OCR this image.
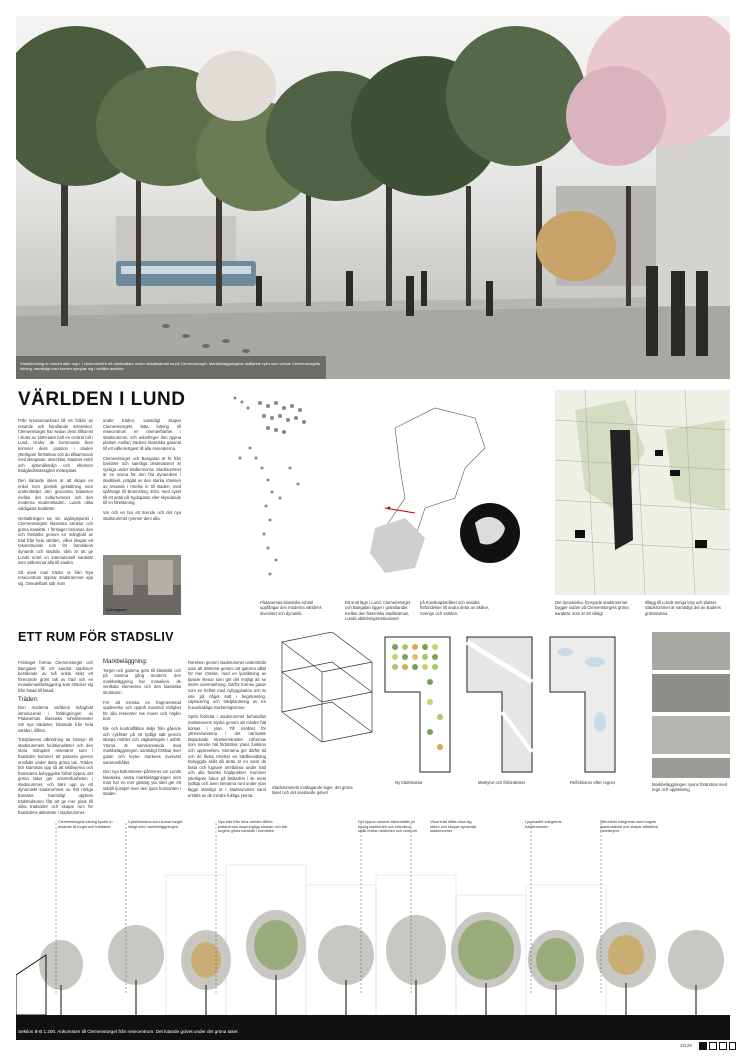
Stadslivmång en bracht aller regn. I vintersemten ett minimalism under skikaksatruerna på Clemenstorget. Markbelaggningens skiftande rytm som verkar Clemenstorgets lutning, samtidigt som kronen speglas sig i vattlika ansikter.
VÄRLDEN I LUND

Från kreaturmarknad till ett folkliv av resande och handlande människor. Clemenstorget har sedan dess tillkomst i slutet av 1800-talet haft en central roll i Lund. Under de kommande åren kommer dess position i staden ytterligare förstärkas och du tillsammans med Bangatan, utvecklas, stadens entré och sjönmålsmiljö och eftersom trädgårdsmässighet mötesplats.

Den bärande idéen är att skapa en enkel men poetisk gestaltning som understödjer den gracciösa balansen mellan det kulturrummet och den moderna studentstaden. Lunds olika väldigaste kvaliteter.

Gestaltningen tar sin utgångspunkt i Clemenstorgets klassiska struktur och gröna karaktär. I förslaget benanas den och förstärks genom en mångfald av träd från hela världen, vilket skapar ett rekonstruerat rum för framtidens dynamik och stadsliv. Idén är att ge Lunds entré en internationell karaktär som välkomnar alla till staden.

Så snart man träder ut från Nya resecentrum öppnar stadsrummet upp sig. Omedelbart står man

under träden, samtidigt skapar Clemenstorgets lätta lutning till resecentrum en orienterbarhet i stadsrummet, och anbefreger den öppna platsen mellan trädens klassiska gatunät till ett välkomstgest till alla resenärerna.

Clemenstorget och Bangatan är fri från barriärer och samtliga destinationer är synliga under trädkronorna. Stadsrummet är en scena för den fria dynamiken i stadslivet, präglat av den starka rörelsen av resande i rörelse in till staden, med spårvägn till Brunnshög, ESS, med cykel till ett antal på Sydagatan eller skyndande till en föreläsning.

Var och en har ett ärende och det nya stadsrummet rymmer dem alla.

Spårvagnen
Platanernas klassiska ruhstil uppfångar den moderna världens diversitet och dynamik.
Ett snitt läge i Lund. Clemenstorget och Bangatan ligger i gränslandet mellan den historiska stadskärnan, Lunds utbildningsinstitutioner
på Kunskapsstråket och snabba förbindelser till andra delar av Skåne, Sverige och världen.
Det dynamiska, fönsyade stadsrummet bygger vidare på Clemenstorgets gröna karaktär, som är ett viktigt
tillägg till Lunds övriga torg och platser. Stadsrummet är samtidigt del av stadens grönstruktur.
ETT RUM FÖR STADSLIV

Förslaget formar Clemenstorget och Bangatan till ett sandat stadsrum bestående av två enkla skikt ett förenande grönt tak av träd och en mosaikmarkbeläggning som sträcker sig från fasad till fasad.

Träden:

Den moderna världens mångfald introduceras i förlängningen av Platanernas klassiska ruhstilmönster när nya trädarter, hämtade från hela världen, tillförs.

Trädplanens utbredning tar hänsyn till stadsrummets funktionaliteter och den stora mängden resenärer som i framtiden kommer att passera genom området under detta gröna tak. Träden bör stammas upp så att siktlinjerna och framtidens bebyggelse förblir öppna; det gröna taket ger orienterbarheten i stadsrummet, och bärs upp av ett dynamiskt stadsrummet av fritt rörliga barriärer. Samtidigt upplevs trädstrukturen fått att ge mer plats till olika trädsarter och skapar rum för framtidens aktiviteter i stadsrummet.

Markbeläggning:

Torget och gatorna görs till klassiskt och på samma gång modernt. den markbeläggning har mosaiken. de vertikala elementen och den klassiska strukturen.

För att minska en fragmenterad upplevelse och uppnå maximal rörlighet för alla resenärer tas murar och höjder bort.

Bil- och kontrollfälten skiljs från gående och cyklister på ett tydligt sätt genom skarpa möbler och vägkantsgolv i asfalt. Ytorna är sammanvävda med markbeläggningen, samtidigt förtätar över gatan och kryter markens överväxt sammanhållet.

Den nya kulturstenen påminner om Lunds klassiska, andra markbeläggningen som man har en mer glansig yta nået ger ett subtilt ljusspel över den ljusa horisonten i staden.

Rörelsen genom stadsrummet understöds utan att därtemä genom att gatorna alltid för mer rörelse, med en ljusriktning av ljusare stenar som gör det möjligt att se större sammanhang. Därför formas gatan som en helhet med nybyggnation och är inte på något sätt i begränsning. Utplacering och trädplantering av tre huvudsakliga markeringszoner.

Spritt fördelat i stadsrummet behandlas markstenens styrka genom att mindre häl korsas i ytan. Till nordöst för yttrevarianterna i det närmaste tätpackade rörelsemönstret. Utformas som mindre häl förbättras ytans funktion och upplevelsen. Stenarna ger därför tid och de flesta rörelser en trädbevattning bebyggda skikt då detta är en samt de fasta och lugnare områdena under träd och alla besöks höjdpunkter. Kommer ytterligare fokus på läsbarhet i de mest tydliga och även stenarna runt under ytan läggs ständigt ut i stadsrummet samt ersätts av de mindre fuktiga ytorna.

Stadsrummets mottagande lager, det gröna taket och det sandande golvet
Ny trädstruktur	Markytor och förbindelser	Reflektioner efter regnet	Markbeläggningen nyans förändras med regn och uppläsning
Clemenstorgets lutning bjuder in resande till torget och trädtaket.
Cykelbanorna som korsar torget riktigt med markbeläggningen.
Nya träd från hela världen tillförs platanernas ursprungliga struktur och bär torgets gröna karaktär i framtiden
Det öppna rummet säkerställer en trevlig stadsentré och bekväma stråk mellan stationen och centrum.
Vissa träd tillåts växa sig större och skapar dynamisk stadsrummet.
Ljusmaster integreras trädstrukturen
Sittmöbler integreras med torgets markmaterial och skapar attraktiva vistelseytor.
Sektion B-B 1:200. Ankomsten till Clemenstorget från resecentrum: Det lutande golvet under det gröna taket
32128
